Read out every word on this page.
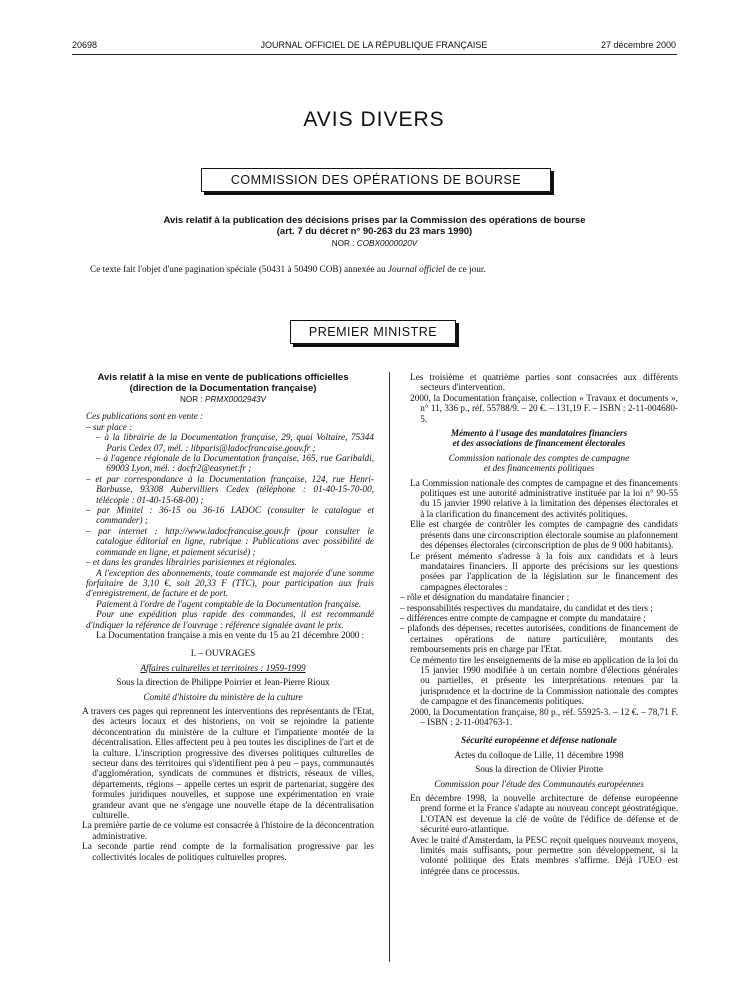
20698	JOURNAL OFFICIEL DE LA RÉPUBLIQUE FRANÇAISE	27 décembre 2000
AVIS DIVERS
COMMISSION DES OPÉRATIONS DE BOURSE
Avis relatif à la publication des décisions prises par la Commission des opérations de bourse
(art. 7 du décret n° 90-263 du 23 mars 1990)
NOR : COBX0000020V
Ce texte fait l'objet d'une pagination spéciale (50431 à 50490 COB) annexée au Journal officiel de ce jour.
PREMIER MINISTRE
Avis relatif à la mise en vente de publications officielles
(direction de la Documentation française)
NOR : PRMX0002943V

Ces publications sont en vente :

– sur place :

– à la librairie de la Documentation française, 29, quai Voltaire, 75344 Paris Cedex 07, mél. : libparis@ladocfrancaise.gouv.fr ;

– à l'agence régionale de la Documentation française, 165, rue Garibaldi, 69003 Lyon, mél. : docfr2@easynet.fr ;

– et par correspondance à la Documentation française, 124, rue Henri-Barbusse, 93308 Aubervilliers Cedex (téléphone : 01-40-15-70-00, télécopie : 01-40-15-68-00) ;

– par Minitel : 36-15 ou 36-16 LADOC (consulter le catalogue et commander) ;

– par internet : http://www.ladocfrancaise.gouv.fr (pour consulter le catalogue éditorial en ligne, rubrique : Publications avec possibilité de commande en ligne, et paiement sécurisé) ;

– et dans les grandes librairies parisiennes et régionales.

A l'exception des abonnements, toute commande est majorée d'une somme forfaitaire de 3,10 €, soit 20,33 F (TTC), pour participation aux frais d'enregistrement, de facture et de port.

Paiement à l'ordre de l'agent comptable de la Documentation française.

Pour une expédition plus rapide des commandes, il est recommandé d'indiquer la référence de l'ouvrage : référence signalée avant le prix.

La Documentation française a mis en vente du 15 au 21 décembre 2000 :

I. – OUVRAGES

Affaires culturelles et territoires : 1959-1999

Sous la direction de Philippe Poirrier et Jean-Pierre Rioux

Comité d'histoire du ministère de la culture

A travers ces pages qui reprennent les interventions des représentants de l'Etat, des acteurs locaux et des historiens, on voit se rejoindre la patiente déconcentration du ministère de la culture et l'impatiente montée de la décentralisation. Elles affectent peu à peu toutes les disciplines de l'art et de la culture. L'inscription progressive des diverses politiques culturelles de secteur dans des territoires qui s'identifient peu à peu – pays, communautés d'agglomération, syndicats de communes et districts, réseaux de villes, départements, régions – appelle certes un esprit de partenariat, suggère des formules juridiques nouvelles, et suppose une expérimentation en vraie grandeur avant que ne s'engage une nouvelle étape de la décentralisation culturelle.

La première partie de ce volume est consacrée à l'histoire de la déconcentration administrative.

La seconde partie rend compte de la formalisation progressive par les collectivités locales de politiques culturelles propres.

Les troisième et quatrième parties sont consacrées aux différents secteurs d'intervention.

2000, la Documentation française, collection « Travaux et documents », n° 11, 336 p., réf. 55788/9. – 20 €. – 131,19 F. – ISBN : 2-11-004680-5.

Mémento à l'usage des mandataires financiers

et des associations de financement électorales

Commission nationale des comptes de campagne

et des financements politiques

La Commission nationale des comptes de campagne et des financements politiques est une autorité administrative instituée par la loi n° 90-55 du 15 janvier 1990 relative à la limitation des dépenses électorales et à la clarification du financement des activités politiques.

Elle est chargée de contrôler les comptes de campagne des candidats présents dans une circonscription électorale soumise au plafonnement des dépenses électorales (circonscription de plus de 9 000 habitants).

Le présent mémento s'adresse à la fois aux candidats et à leurs mandataires financiers. Il apporte des précisions sur les questions posées par l'application de la législation sur le financement des campagnes électorales :

– rôle et désignation du mandataire financier ;

– responsabilités respectives du mandataire, du candidat et des tiers ;

– différences entre compte de campagne et compte du mandataire ;

– plafonds des dépenses, recettes autorisées, conditions de financement de certaines opérations de nature particulière, montants des remboursements pris en charge par l'Etat.

Ce mémento tire les enseignements de la mise en application de la loi du 15 janvier 1990 modifiée à un certain nombre d'élections générales ou partielles, et présente les interprétations retenues par la jurisprudence et la doctrine de la Commission nationale des comptes de campagne et des financements politiques.

2000, la Documentation française, 80 p., réf. 55925-3. – 12 €. – 78,71 F. – ISBN : 2-11-004763-1.

Sécurité européenne et défense nationale

Actes du colloque de Lille, 11 décembre 1998

Sous la direction de Olivier Pirotte

Commission pour l'étude des Communautés européennes

En décembre 1998, la nouvelle architecture de défense européenne prend forme et la France s'adapte au nouveau concept géostratégique. L'OTAN est devenue la clé de voûte de l'édifice de défense et de sécurité euro-atlantique.

Avec le traité d'Amsterdam, la PESC reçoit quelques nouveaux moyens, limités mais suffisants, pour permettre son développement, si la volonté politique des Etats membres s'affirme. Déjà l'UEO est intégrée dans ce processus.
